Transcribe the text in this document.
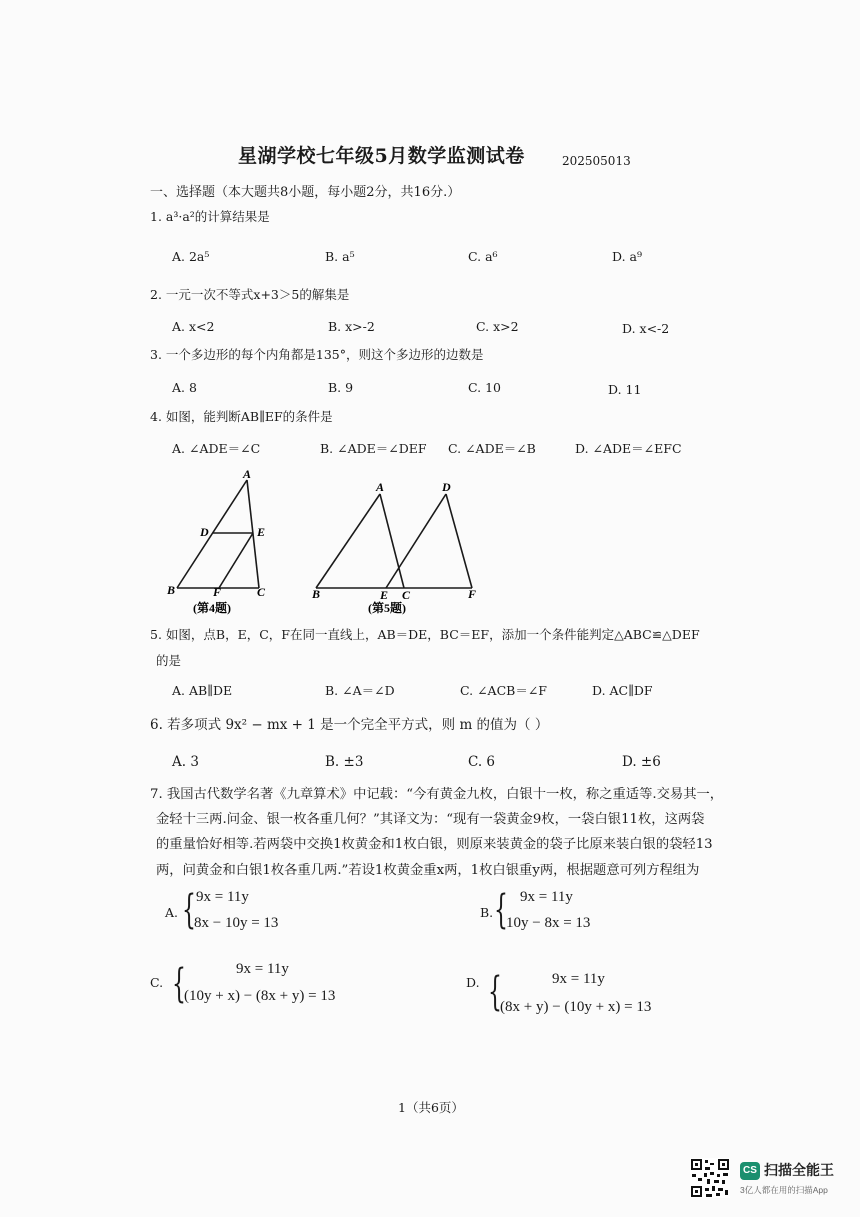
星湖学校七年级5月数学监测试卷	202505013
一、选择题（本大题共8小题，每小题2分，共16分.）
1. a³·a²的计算结果是
A. 2a⁵	B. a⁵	C. a⁶	D. a⁹
2. 一元一次不等式x+3＞5的解集是
A. x<2	B. x>-2	C. x>2	D. x<-2
3. 一个多边形的每个内角都是135°，则这个多边形的边数是
A. 8	B. 9	C. 10	D. 11
4. 如图，能判断AB∥EF的条件是
A. ∠ADE＝∠C	B. ∠ADE＝∠DEF C. ∠ADE＝∠B	D. ∠ADE＝∠EFC
A
D	E
B	F	C
(第4题)
A	D
B	E C	F
(第5题)
5. 如图，点B，E，C，F在同一直线上，AB＝DE，BC＝EF，添加一个条件能判定△ABC≌△DEF
的是
A. AB∥DE	B. ∠A＝∠D	C. ∠ACB＝∠F	D. AC∥DF
6. 若多项式 9x² − mx + 1 是一个完全平方式，则 m 的值为（ ）
A. 3	B. ±3	C. 6	D. ±6
7. 我国古代数学名著《九章算术》中记载：“今有黄金九枚，白银十一枚，称之重适等.交易其一，
金轻十三两.问金、银一枚各重几何？”其译文为：“现有一袋黄金9枚，一袋白银11枚，这两袋
的重量恰好相等.若两袋中交换1枚黄金和1枚白银，则原来装黄金的袋子比原来装白银的袋轻13
两，问黄金和白银1枚各重几两.”若设1枚黄金重x两，1枚白银重y两，根据题意可列方程组为
A. { 9x = 11y
8x − 10y = 13
B. { 9x = 11y
10y − 8x = 13
C. {	9x = 11y
(10y + x) − (8x + y) = 13
D. {	9x = 11y
(8x + y) − (10y + x) = 13
1（共6页）
CS 扫描全能王
3亿人都在用的扫描App
